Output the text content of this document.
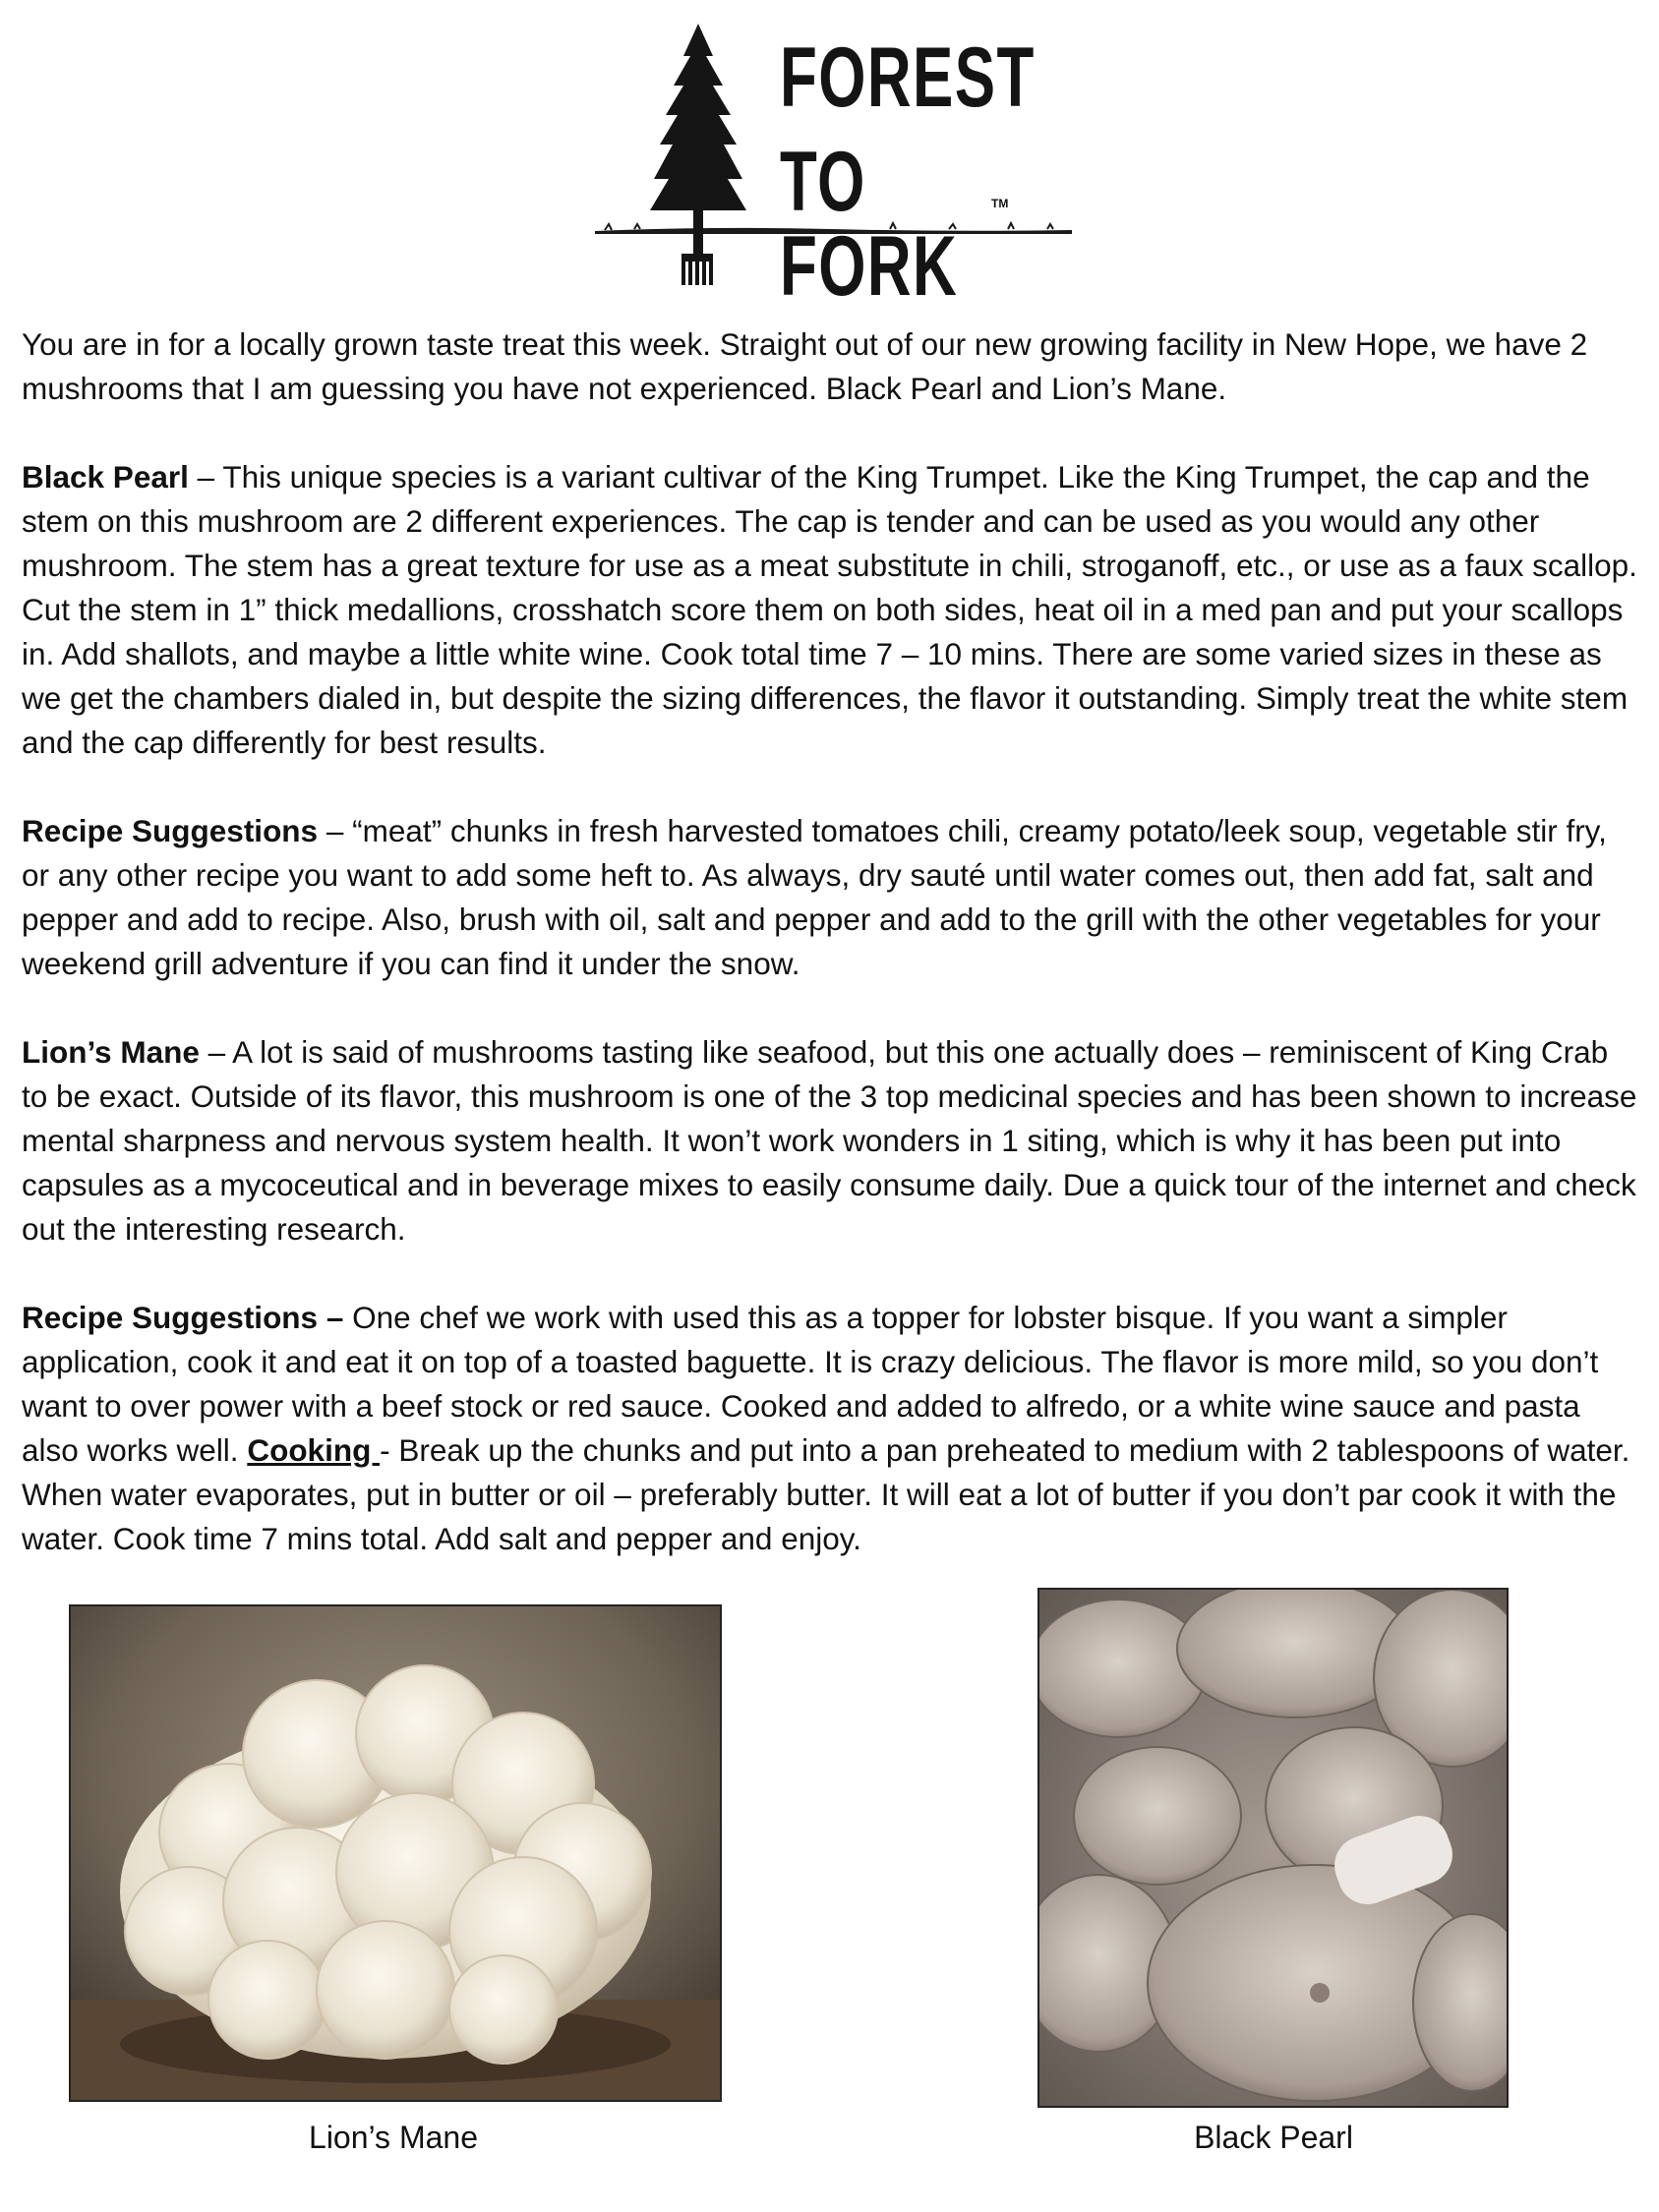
FOREST
TO FORK
TM

You are in for a locally grown taste treat this week. Straight out of our new growing facility in New Hope, we have 2 mushrooms that I am guessing you have not experienced. Black Pearl and Lion’s Mane.

Black Pearl – This unique species is a variant cultivar of the King Trumpet. Like the King Trumpet, the cap and the stem on this mushroom are 2 different experiences. The cap is tender and can be used as you would any other mushroom. The stem has a great texture for use as a meat substitute in chili, stroganoff, etc., or use as a faux scallop. Cut the stem in 1” thick medallions, crosshatch score them on both sides, heat oil in a med pan and put your scallops in. Add shallots, and maybe a little white wine. Cook total time 7 – 10 mins. There are some varied sizes in these as we get the chambers dialed in, but despite the sizing differences, the flavor it outstanding. Simply treat the white stem and the cap differently for best results.

Recipe Suggestions – “meat” chunks in fresh harvested tomatoes chili, creamy potato/leek soup, vegetable stir fry, or any other recipe you want to add some heft to. As always, dry sauté until water comes out, then add fat, salt and pepper and add to recipe. Also, brush with oil, salt and pepper and add to the grill with the other vegetables for your weekend grill adventure if you can find it under the snow.

Lion’s Mane – A lot is said of mushrooms tasting like seafood, but this one actually does – reminiscent of King Crab to be exact. Outside of its flavor, this mushroom is one of the 3 top medicinal species and has been shown to increase mental sharpness and nervous system health. It won’t work wonders in 1 siting, which is why it has been put into capsules as a mycoceutical and in beverage mixes to easily consume daily. Due a quick tour of the internet and check out the interesting research.

Recipe Suggestions – One chef we work with used this as a topper for lobster bisque. If you want a simpler application, cook it and eat it on top of a toasted baguette. It is crazy delicious. The flavor is more mild, so you don’t want to over power with a beef stock or red sauce. Cooked and added to alfredo, or a white wine sauce and pasta also works well. Cooking - Break up the chunks and put into a pan preheated to medium with 2 tablespoons of water. When water evaporates, put in butter or oil – preferably butter. It will eat a lot of butter if you don’t par cook it with the water. Cook time 7 mins total. Add salt and pepper and enjoy.

Lion’s Mane	Black Pearl
